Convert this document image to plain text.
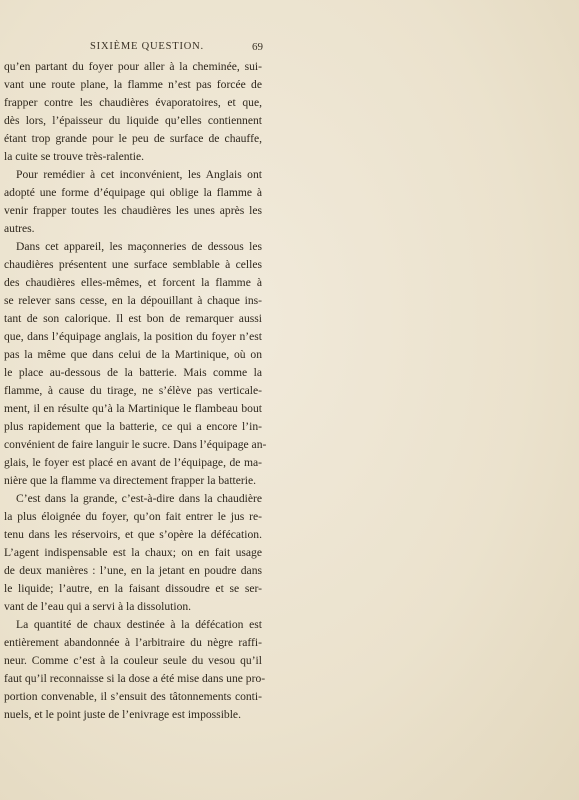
SIXIÈME QUESTION.	69
qu’en partant du foyer pour aller à la cheminée, sui-
vant une route plane, la flamme n’est pas forcée de
frapper contre les chaudières évaporatoires, et que,
dès lors, l’épaisseur du liquide qu’elles contiennent
étant trop grande pour le peu de surface de chauffe,
la cuite se trouve très-ralentie.
Pour remédier à cet inconvénient, les Anglais ont
adopté une forme d’équipage qui oblige la flamme à
venir frapper toutes les chaudières les unes après les
autres.
Dans cet appareil, les maçonneries de dessous les
chaudières présentent une surface semblable à celles
des chaudières elles-mêmes, et forcent la flamme à
se relever sans cesse, en la dépouillant à chaque ins-
tant de son calorique. Il est bon de remarquer aussi
que, dans l’équipage anglais, la position du foyer n’est
pas la même que dans celui de la Martinique, où on
le place au-dessous de la batterie. Mais comme la
flamme, à cause du tirage, ne s’élève pas verticale-
ment, il en résulte qu’à la Martinique le flambeau bout
plus rapidement que la batterie, ce qui a encore l’in-
convénient de faire languir le sucre. Dans l’équipage an-
glais, le foyer est placé en avant de l’équipage, de ma-
nière que la flamme va directement frapper la batterie.
C’est dans la grande, c’est-à-dire dans la chaudière
la plus éloignée du foyer, qu’on fait entrer le jus re-
tenu dans les réservoirs, et que s’opère la défécation.
L’agent indispensable est la chaux; on en fait usage
de deux manières : l’une, en la jetant en poudre dans
le liquide; l’autre, en la faisant dissoudre et se ser-
vant de l’eau qui a servi à la dissolution.
La quantité de chaux destinée à la défécation est
entièrement abandonnée à l’arbitraire du nègre raffi-
neur. Comme c’est à la couleur seule du vesou qu’il
faut qu’il reconnaisse si la dose a été mise dans une pro-
portion convenable, il s’ensuit des tâtonnements conti-
nuels, et le point juste de l’enivrage est impossible.
